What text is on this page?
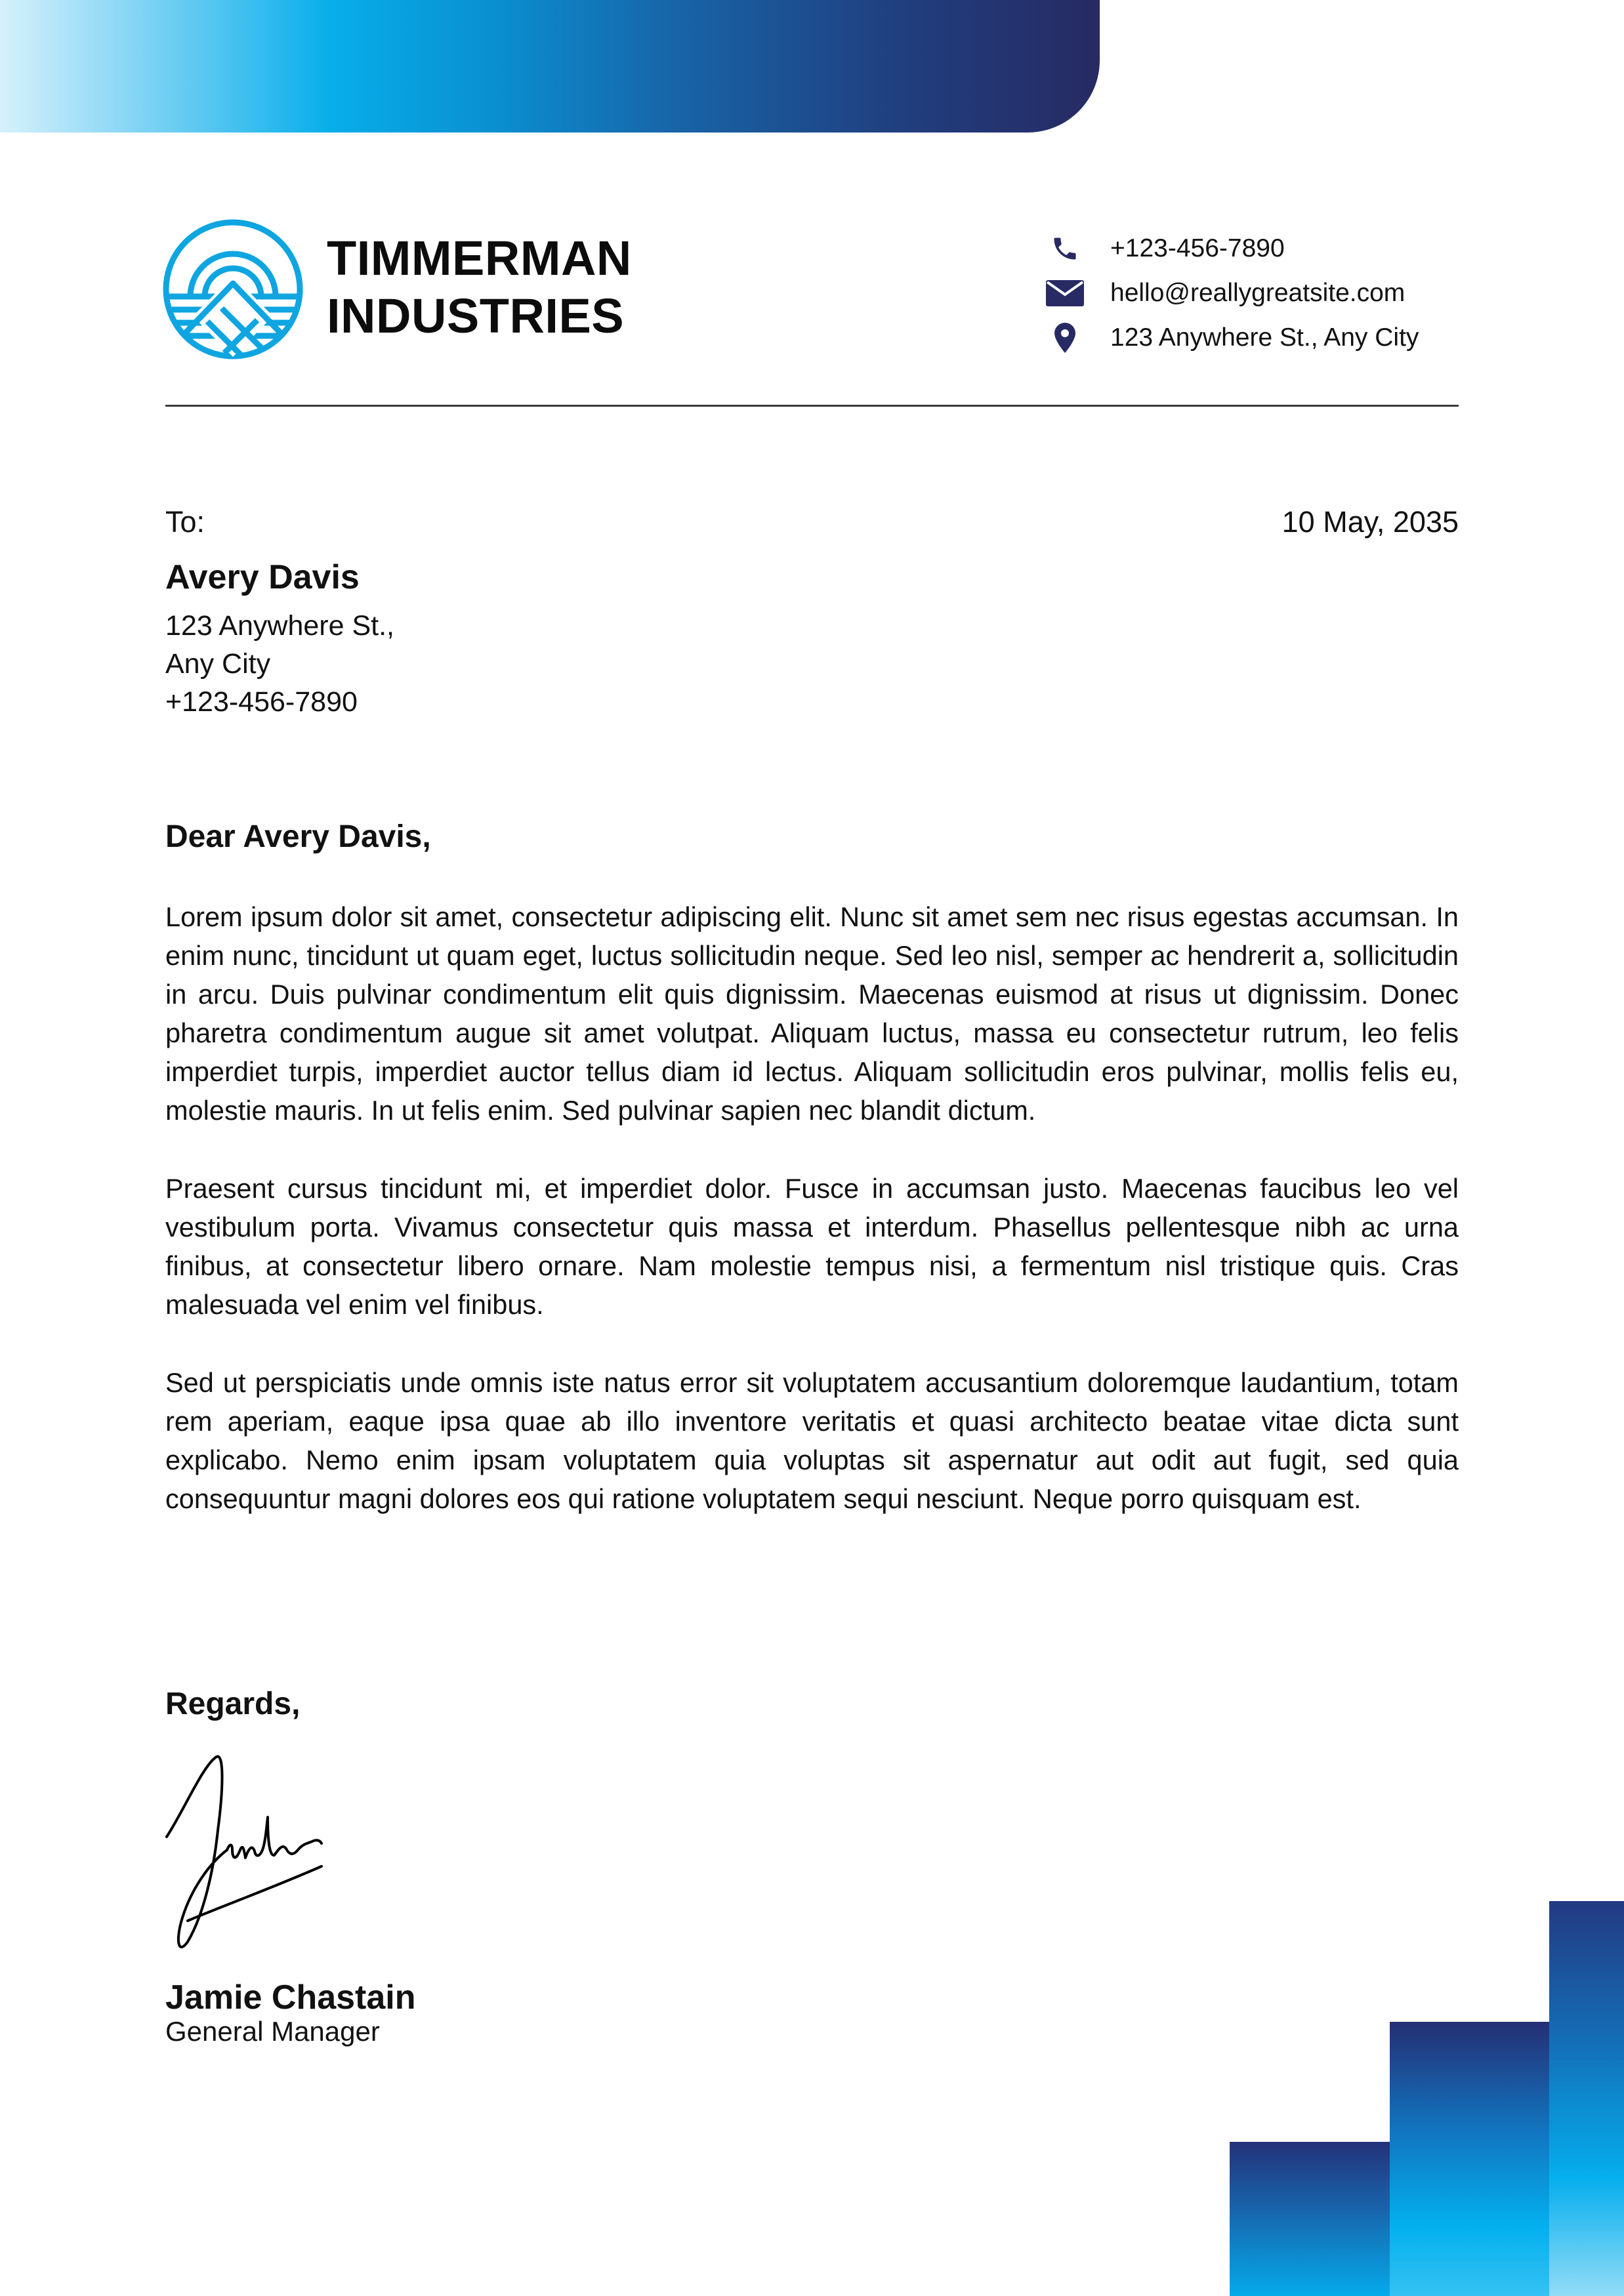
TIMMERMAN
INDUSTRIES
+123-456-7890
hello@reallygreatsite.com
123 Anywhere St., Any City
To:	10 May, 2035
Avery Davis
123 Anywhere St.,
Any City
+123-456-7890
Dear Avery Davis,

Lorem ipsum dolor sit amet, consectetur adipiscing elit. Nunc sit amet sem nec risus egestas accumsan. In enim nunc, tincidunt ut quam eget, luctus sollicitudin neque. Sed leo nisl, semper ac hendrerit a, sollicitudin in arcu. Duis pulvinar condimentum elit quis dignissim. Maecenas euismod at risus ut dignissim. Donec pharetra condimentum augue sit amet volutpat. Aliquam luctus, massa eu consectetur rutrum, leo felis imperdiet turpis, imperdiet auctor tellus diam id lectus. Aliquam sollicitudin eros pulvinar, mollis felis eu, molestie mauris. In ut felis enim. Sed pulvinar sapien nec blandit dictum.

Praesent cursus tincidunt mi, et imperdiet dolor. Fusce in accumsan justo. Maecenas faucibus leo vel vestibulum porta. Vivamus consectetur quis massa et interdum. Phasellus pellentesque nibh ac urna finibus, at consectetur libero ornare. Nam molestie tempus nisi, a fermentum nisl tristique quis. Cras malesuada vel enim vel finibus.

Sed ut perspiciatis unde omnis iste natus error sit voluptatem accusantium doloremque laudantium, totam rem aperiam, eaque ipsa quae ab illo inventore veritatis et quasi architecto beatae vitae dicta sunt explicabo. Nemo enim ipsam voluptatem quia voluptas sit aspernatur aut odit aut fugit, sed quia consequuntur magni dolores eos qui ratione voluptatem sequi nesciunt. Neque porro quisquam est.

Regards,
Jamie Chastain
General Manager
